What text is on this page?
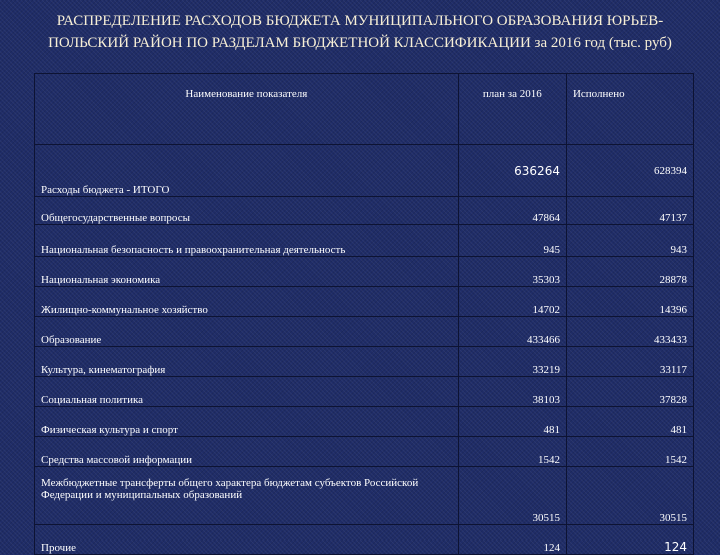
РАСПРЕДЕЛЕНИЕ РАСХОДОВ БЮДЖЕТА МУНИЦИПАЛЬНОГО ОБРАЗОВАНИЯ ЮРЬЕВ-
ПОЛЬСКИЙ РАЙОН ПО РАЗДЕЛАМ БЮДЖЕТНОЙ КЛАССИФИКАЦИИ за 2016 год (тыс. руб)
Наименование показателя	план за 2016	Исполнено
Расходы бюджета - ИТОГО	636264	628394
Общегосударственные вопросы	47864	47137
Национальная безопасность и правоохранительная деятельность	945	943
Национальная экономика	35303	28878
Жилищно-коммунальное хозяйство	14702	14396
Образование	433466	433433
Культура, кинематография	33219	33117
Социальная политика	38103	37828
Физическая культура и спорт	481	481
Средства массовой информации	1542	1542
Межбюджетные трансферты общего характера бюджетам субъектов Российской Федерации и муниципальных образований	30515	30515
Прочие	124	124
